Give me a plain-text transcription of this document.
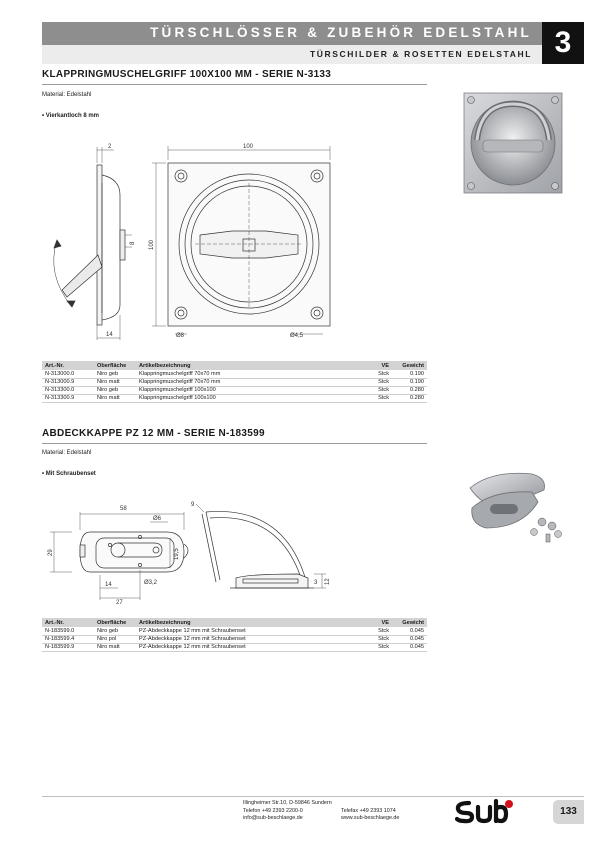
TÜRSCHLÖSSER & ZUBEHÖR EDELSTAHL
TÜRSCHILDER & ROSETTEN EDELSTAHL 3
KLAPPRINGMUSCHELGRIFF 100X100 MM - SERIE N-3133
Material: Edelstahl
• Vierkantloch 8 mm
2
14
8
100
100
Ø8	Ø4,5
Art.-Nr.	Oberfläche	Artikelbezeichnung	VE	Gewicht
N-313000.0	Niro geb	Klappringmuschelgriff 70x70 mm	Stck	0.190
N-313000.9	Niro matt	Klappringmuschelgriff 70x70 mm	Stck	0.190
N-313300.0	Niro geb	Klappringmuschelgriff 100x100	Stck	0.280
N-313300.9	Niro matt	Klappringmuschelgriff 100x100	Stck	0.280
ABDECKKAPPE PZ 12 MM - SERIE N-183599
Material: Edelstahl
• Mit Schraubenset
58
Ø6
29	19,5
14	Ø3,2
27
9
12
3
Art.-Nr.	Oberfläche	Artikelbezeichnung	VE	Gewicht
N-183599.0	Niro geb	PZ-Abdeckkappe 12 mm mit Schraubenset	Stck	0.045
N-183599.4	Niro pol	PZ-Abdeckkappe 12 mm mit Schraubenset	Stck	0.045
N-183599.9	Niro matt	PZ-Abdeckkappe 12 mm mit Schraubenset	Stck	0.045
Illingheimer Str.10, D-59846 Sundern
Telefon +49 2393 2200-0	Telefax +49 2393 1074
info@sub-beschlaege.de	www.sub-beschlaege.de
133
